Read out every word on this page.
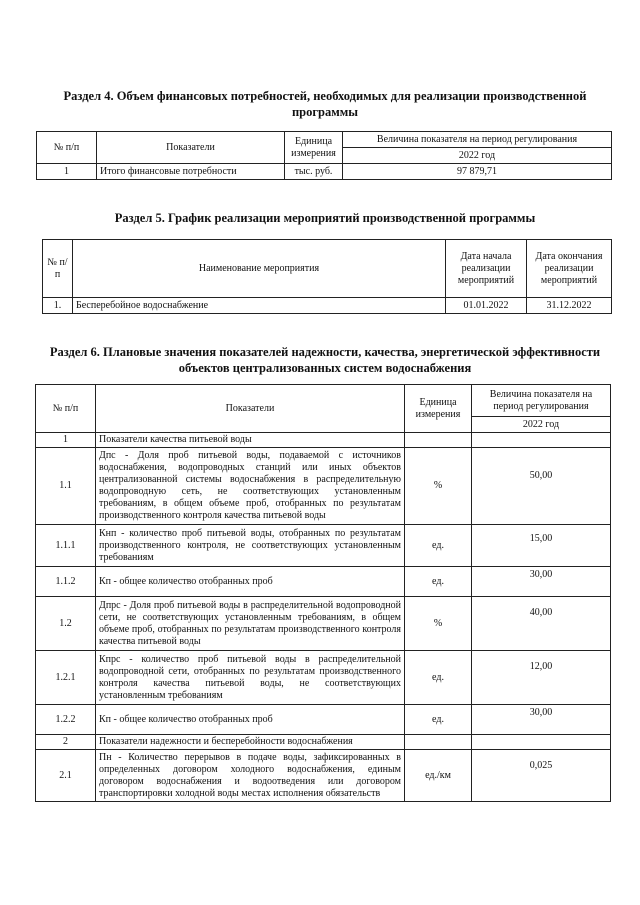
Раздел 4. Объем финансовых потребностей, необходимых для реализации производственной программы
№ п/п	Показатели	Единица измерения	Величина показателя на период регулирования
			2022 год
1	Итого финансовые потребности	тыс. руб.	97 879,71
Раздел 5. График реализации мероприятий производственной программы
№ п/п	Наименование мероприятия	Дата начала реализации мероприятий	Дата окончания реализации мероприятий
1.	Бесперебойное водоснабжение	01.01.2022	31.12.2022
Раздел 6. Плановые значения показателей надежности, качества, энергетической эффективности объектов централизованных систем водоснабжения
№ п/п	Показатели	Единица измерения	Величина показателя на период регулирования
			2022 год
1	Показатели качества питьевой воды		
1.1	Дпс - Доля проб питьевой воды, подаваемой с источников водоснабжения, водопроводных станций или иных объектов централизованной системы водоснабжения в распределительную водопроводную сеть, не соответствующих установленным требованиям, в общем объеме проб, отобранных по результатам производственного контроля качества питьевой воды	%	50,00
1.1.1	Кнп - количество проб питьевой воды, отобранных по результатам производственного контроля, не соответствующих установленным требованиям	ед.	15,00
1.1.2	Кп - общее количество отобранных проб	ед.	30,00
1.2	Дпрс - Доля проб питьевой воды в распределительной водопроводной сети, не соответствующих установленным требованиям, в общем объеме проб, отобранных по результатам производственного контроля качества питьевой воды	%	40,00
1.2.1	Кпрс - количество проб питьевой воды в распределительной водопроводной сети, отобранных по результатам производственного контроля качества питьевой воды, не соответствующих установленным требованиям	ед.	12,00
1.2.2	Кп - общее количество отобранных проб	ед.	30,00
2	Показатели надежности и бесперебойности водоснабжения		
2.1	Пн - Количество перерывов в подаче воды, зафиксированных в определенных договором холодного водоснабжения, единым договором водоснабжения и водоотведения или договором транспортировки холодной воды местах исполнения обязательств	ед./км	0,025
